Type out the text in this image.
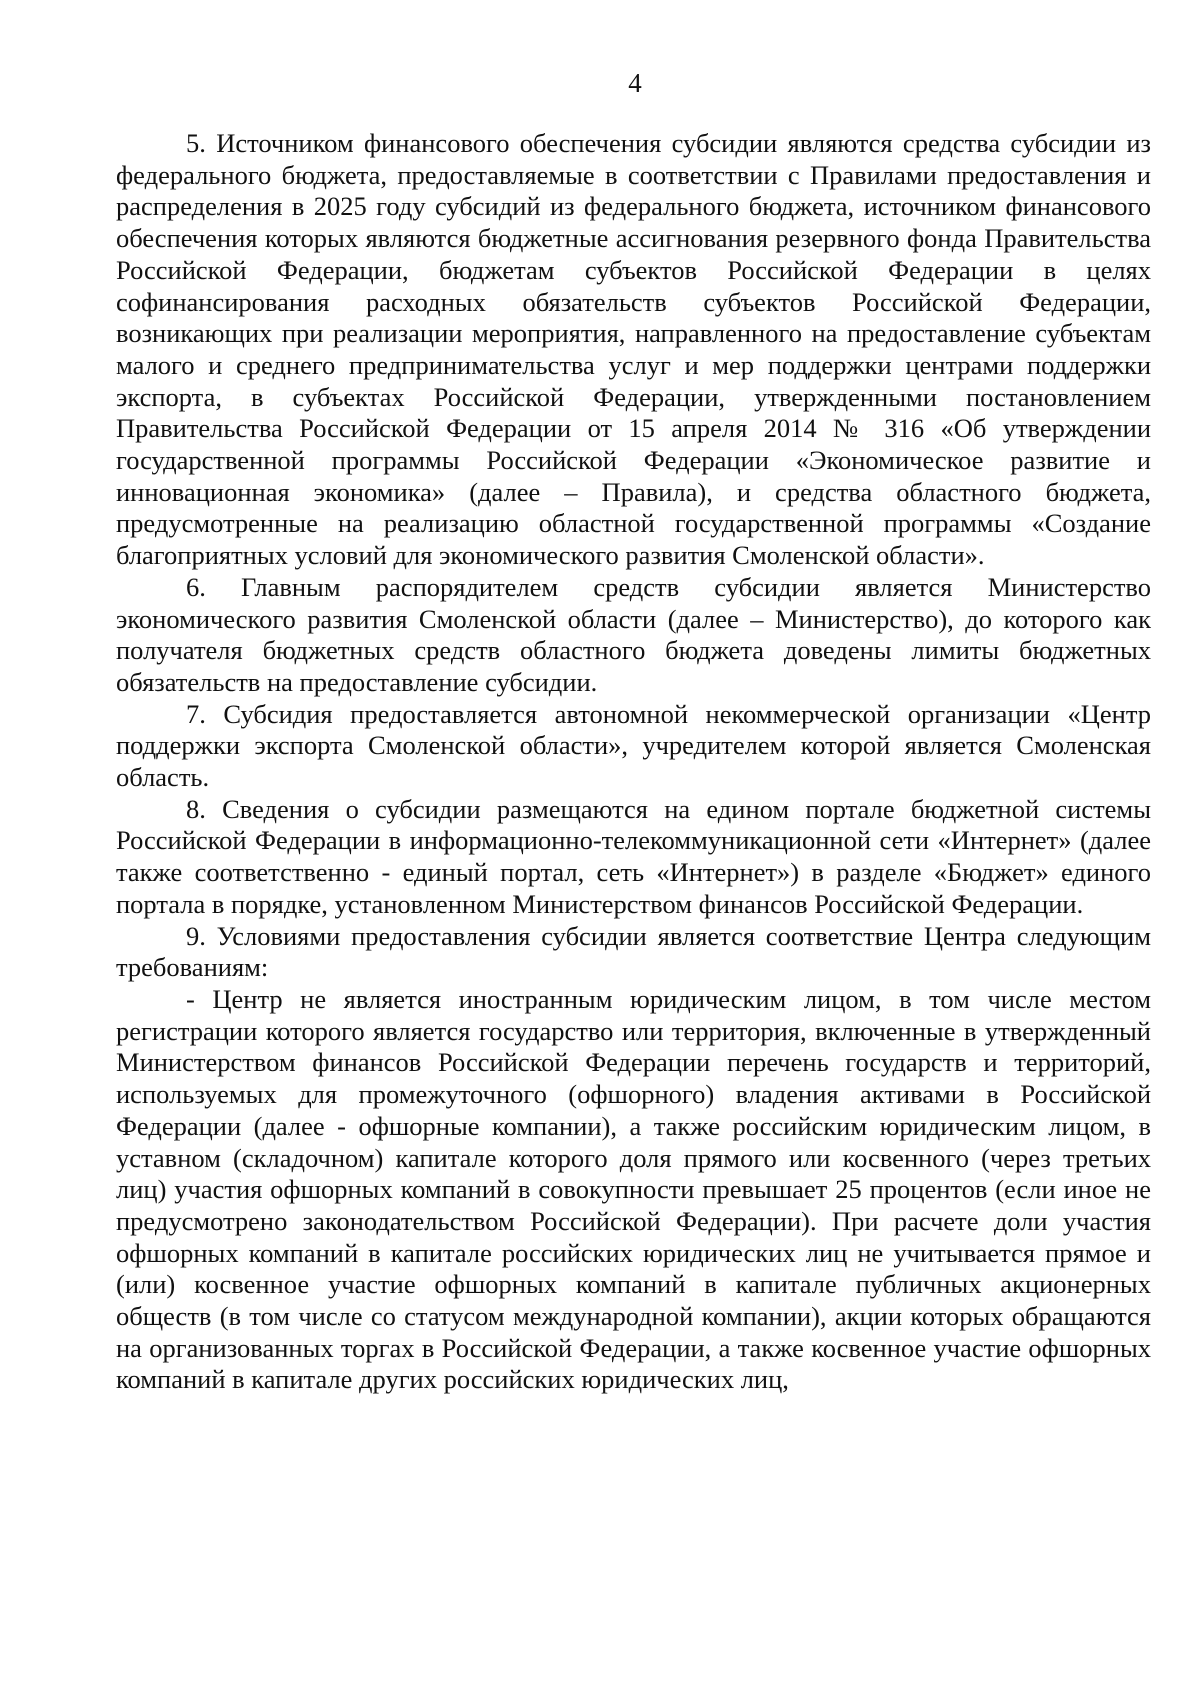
4

5. Источником финансового обеспечения субсидии являются средства субсидии из федерального бюджета, предоставляемые в соответствии с Правилами предоставления и распределения в 2025 году субсидий из федерального бюджета, источником финансового обеспечения которых являются бюджетные ассигнования резервного фонда Правительства Российской Федерации, бюджетам субъектов Российской Федерации в целях софинансирования расходных обязательств субъектов Российской Федерации, возникающих при реализации мероприятия, направленного на предоставление субъектам малого и среднего предпринимательства услуг и мер поддержки центрами поддержки экспорта, в субъектах Российской Федерации, утвержденными постановлением Правительства Российской Федерации от 15 апреля 2014 № 316 «Об утверждении государственной программы Российской Федерации «Экономическое развитие и инновационная экономика» (далее – Правила), и средства областного бюджета, предусмотренные на реализацию областной государственной программы «Создание благоприятных условий для экономического развития Смоленской области».

6. Главным распорядителем средств субсидии является Министерство экономического развития Смоленской области (далее – Министерство), до которого как получателя бюджетных средств областного бюджета доведены лимиты бюджетных обязательств на предоставление субсидии.

7. Субсидия предоставляется автономной некоммерческой организации «Центр поддержки экспорта Смоленской области», учредителем которой является Смоленская область.

8. Сведения о субсидии размещаются на едином портале бюджетной системы Российской Федерации в информационно-телекоммуникационной сети «Интернет» (далее также соответственно - единый портал, сеть «Интернет») в разделе «Бюджет» единого портала в порядке, установленном Министерством финансов Российской Федерации.

9. Условиями предоставления субсидии является соответствие Центра следующим требованиям:

- Центр не является иностранным юридическим лицом, в том числе местом регистрации которого является государство или территория, включенные в утвержденный Министерством финансов Российской Федерации перечень государств и территорий, используемых для промежуточного (офшорного) владения активами в Российской Федерации (далее - офшорные компании), а также российским юридическим лицом, в уставном (складочном) капитале которого доля прямого или косвенного (через третьих лиц) участия офшорных компаний в совокупности превышает 25 процентов (если иное не предусмотрено законодательством Российской Федерации). При расчете доли участия офшорных компаний в капитале российских юридических лиц не учитывается прямое и (или) косвенное участие офшорных компаний в капитале публичных акционерных обществ (в том числе со статусом международной компании), акции которых обращаются на организованных торгах в Российской Федерации, а также косвенное участие офшорных компаний в капитале других российских юридических лиц,
